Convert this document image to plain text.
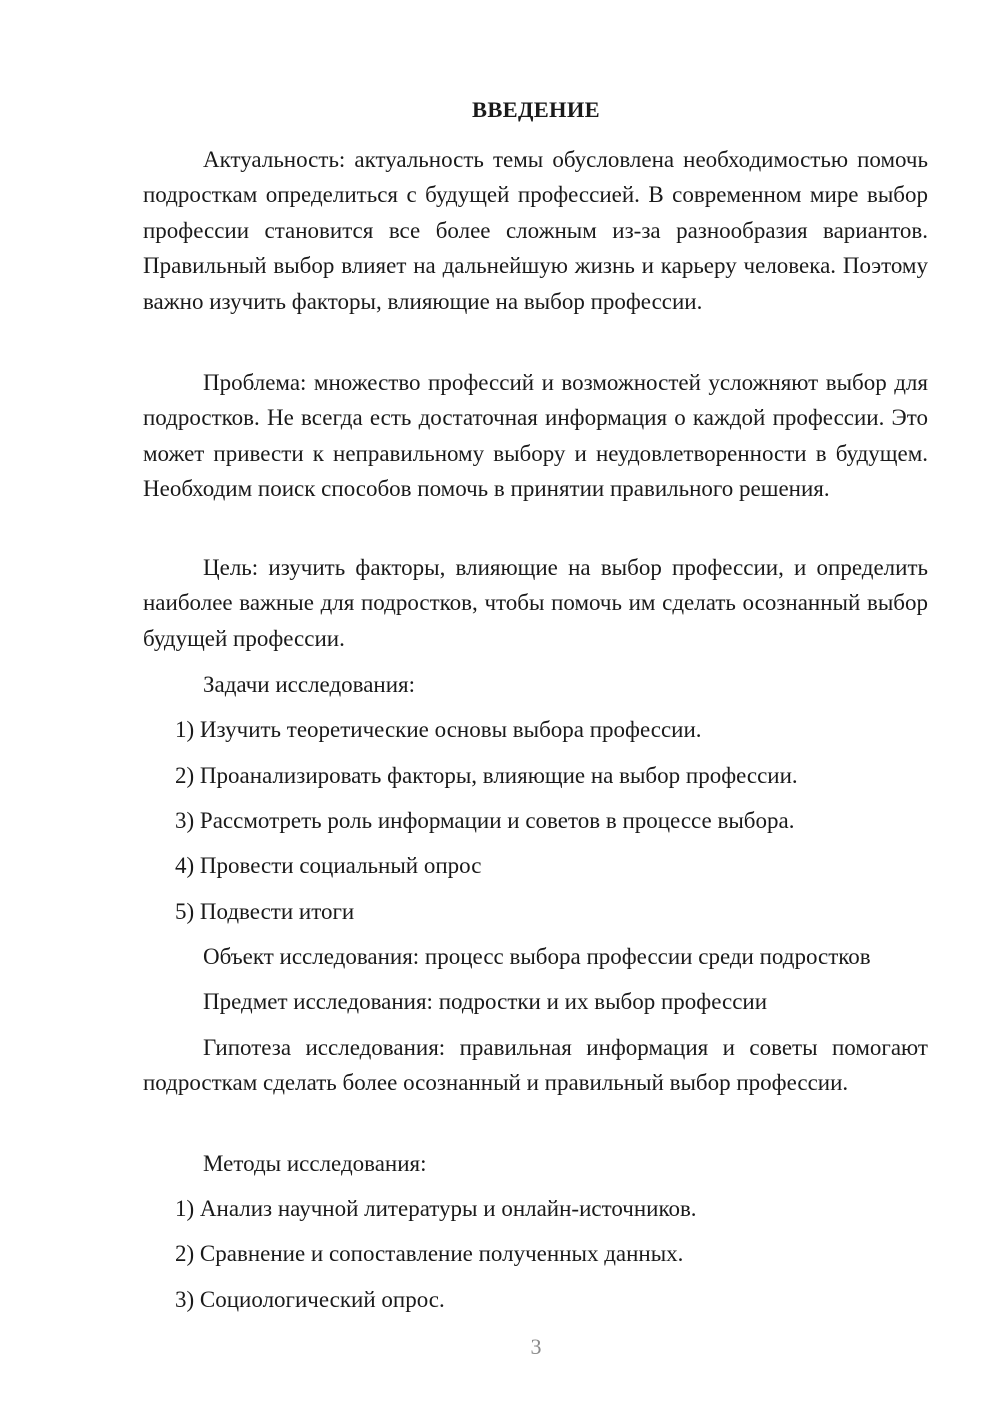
ВВЕДЕНИЕ

Актуальность: актуальность темы обусловлена необходимостью помочь подросткам определиться с будущей профессией. В современном мире выбор профессии становится все более сложным из-за разнообразия вариантов. Правильный выбор влияет на дальнейшую жизнь и карьеру человека. Поэтому важно изучить факторы, влияющие на выбор профессии.

Проблема: множество профессий и возможностей усложняют выбор для подростков. Не всегда есть достаточная информация о каждой профессии. Это может привести к неправильному выбору и неудовлетворенности в будущем. Необходим поиск способов помочь в принятии правильного решения.

Цель: изучить факторы, влияющие на выбор профессии, и определить наиболее важные для подростков, чтобы помочь им сделать осознанный выбор будущей профессии.

Задачи исследования:

1) Изучить теоретические основы выбора профессии.

2) Проанализировать факторы, влияющие на выбор профессии.

3) Рассмотреть роль информации и советов в процессе выбора.

4) Провести социальный опрос

5) Подвести итоги

Объект исследования: процесс выбора профессии среди подростков

Предмет исследования: подростки и их выбор профессии

Гипотеза исследования: правильная информация и советы помогают подросткам сделать более осознанный и правильный выбор профессии.

Методы исследования:

1) Анализ научной литературы и онлайн-источников.

2) Сравнение и сопоставление полученных данных.

3) Социологический опрос.

3
